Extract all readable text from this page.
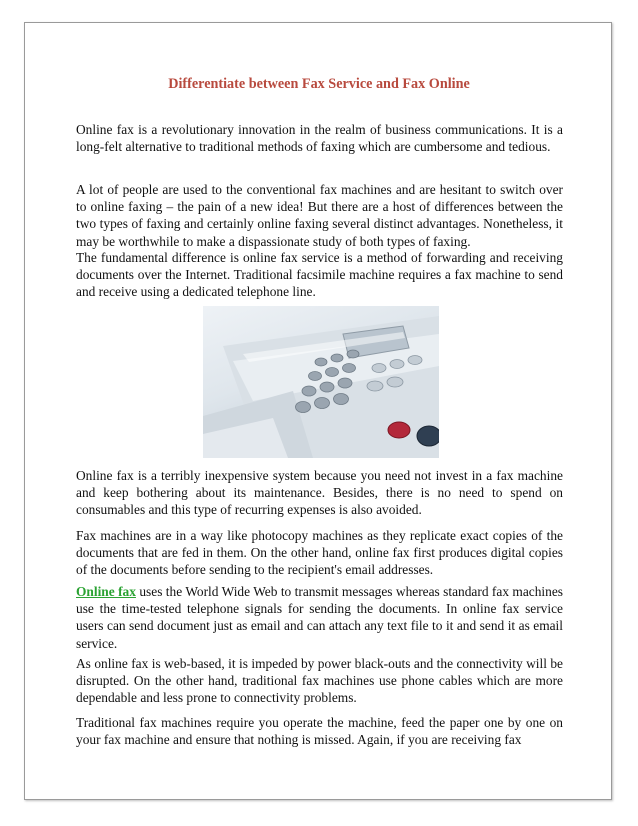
Differentiate between Fax Service and Fax Online

Online fax is a revolutionary innovation in the realm of business communications. It is a long-felt alternative to traditional methods of faxing which are cumbersome and tedious.

A lot of people are used to the conventional fax machines and are hesitant to switch over to online faxing – the pain of a new idea! But there are a host of differences between the two types of faxing and certainly online faxing several distinct advantages. Nonetheless, it may be worthwhile to make a dispassionate study of both types of faxing.

The fundamental difference is online fax service is a method of forwarding and receiving documents over the Internet. Traditional facsimile machine requires a fax machine to send and receive using a dedicated telephone line.

Online fax is a terribly inexpensive system because you need not invest in a fax machine and keep bothering about its maintenance. Besides, there is no need to spend on consumables and this type of recurring expenses is also avoided.

Fax machines are in a way like photocopy machines as they replicate exact copies of the documents that are fed in them. On the other hand, online fax first produces digital copies of the documents before sending to the recipient's email addresses.

Online fax uses the World Wide Web to transmit messages whereas standard fax machines use the time-tested telephone signals for sending the documents. In online fax service users can send document just as email and can attach any text file to it and send it as email service.

As online fax is web-based, it is impeded by power black-outs and the connectivity will be disrupted. On the other hand, traditional fax machines use phone cables which are more dependable and less prone to connectivity problems.

Traditional fax machines require you operate the machine, feed the paper one by one on your fax machine and ensure that nothing is missed. Again, if you are receiving fax
